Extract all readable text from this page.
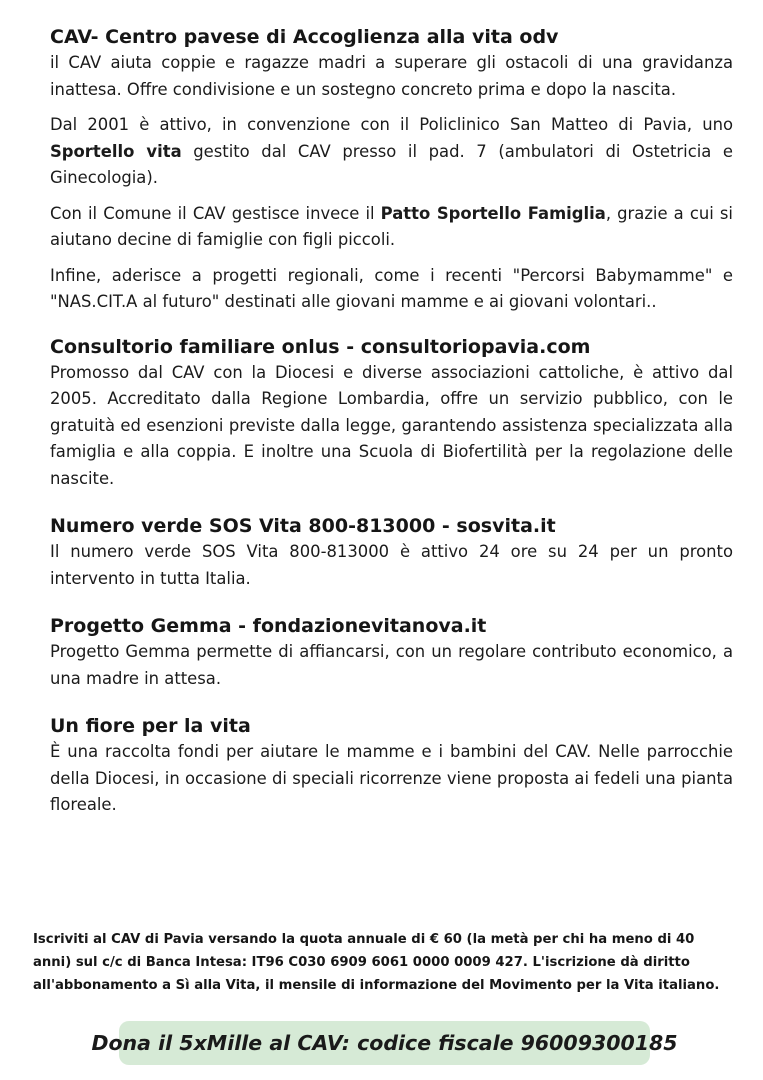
CAV- Centro pavese di Accoglienza alla vita odv

il CAV aiuta coppie e ragazze madri a superare gli ostacoli di una gravidanza inattesa. Offre condivisione e un sostegno concreto prima e dopo la nascita.

Dal 2001 è attivo, in convenzione con il Policlinico San Matteo di Pavia, uno Sportello vita gestito dal CAV presso il pad. 7 (ambulatori di Ostetricia e Ginecologia).

Con il Comune il CAV gestisce invece il Patto Sportello Famiglia, grazie a cui si aiutano decine di famiglie con figli piccoli.

Infine, aderisce a progetti regionali, come i recenti "Percorsi Babymamme" e "NAS.CIT.A al futuro" destinati alle giovani mamme e ai giovani volontari..

Consultorio familiare onlus - consultoriopavia.com

Promosso dal CAV con la Diocesi e diverse associazioni cattoliche, è attivo dal 2005. Accreditato dalla Regione Lombardia, offre un servizio pubblico, con le gratuità ed esenzioni previste dalla legge, garantendo assistenza specializzata alla famiglia e alla coppia. E inoltre una Scuola di Biofertilità per la regolazione delle nascite.

Numero verde SOS Vita 800-813000 - sosvita.it

Il numero verde SOS Vita 800-813000 è attivo 24 ore su 24 per un pronto intervento in tutta Italia.

Progetto Gemma - fondazionevitanova.it

Progetto Gemma permette di affiancarsi, con un regolare contributo economico, a una madre in attesa.

Un fiore per la vita

È una raccolta fondi per aiutare le mamme e i bambini del CAV. Nelle parrocchie della Diocesi, in occasione di speciali ricorrenze viene proposta ai fedeli una pianta floreale.

Iscriviti al CAV di Pavia versando la quota annuale di € 60 (la metà per chi ha meno di 40 anni) sul c/c di Banca Intesa: IT96 C030 6909 6061 0000 0009 427. L'iscrizione dà diritto all'abbonamento a Sì alla Vita, il mensile di informazione del Movimento per la Vita italiano.

Dona il 5xMille al CAV: codice fiscale 96009300185
